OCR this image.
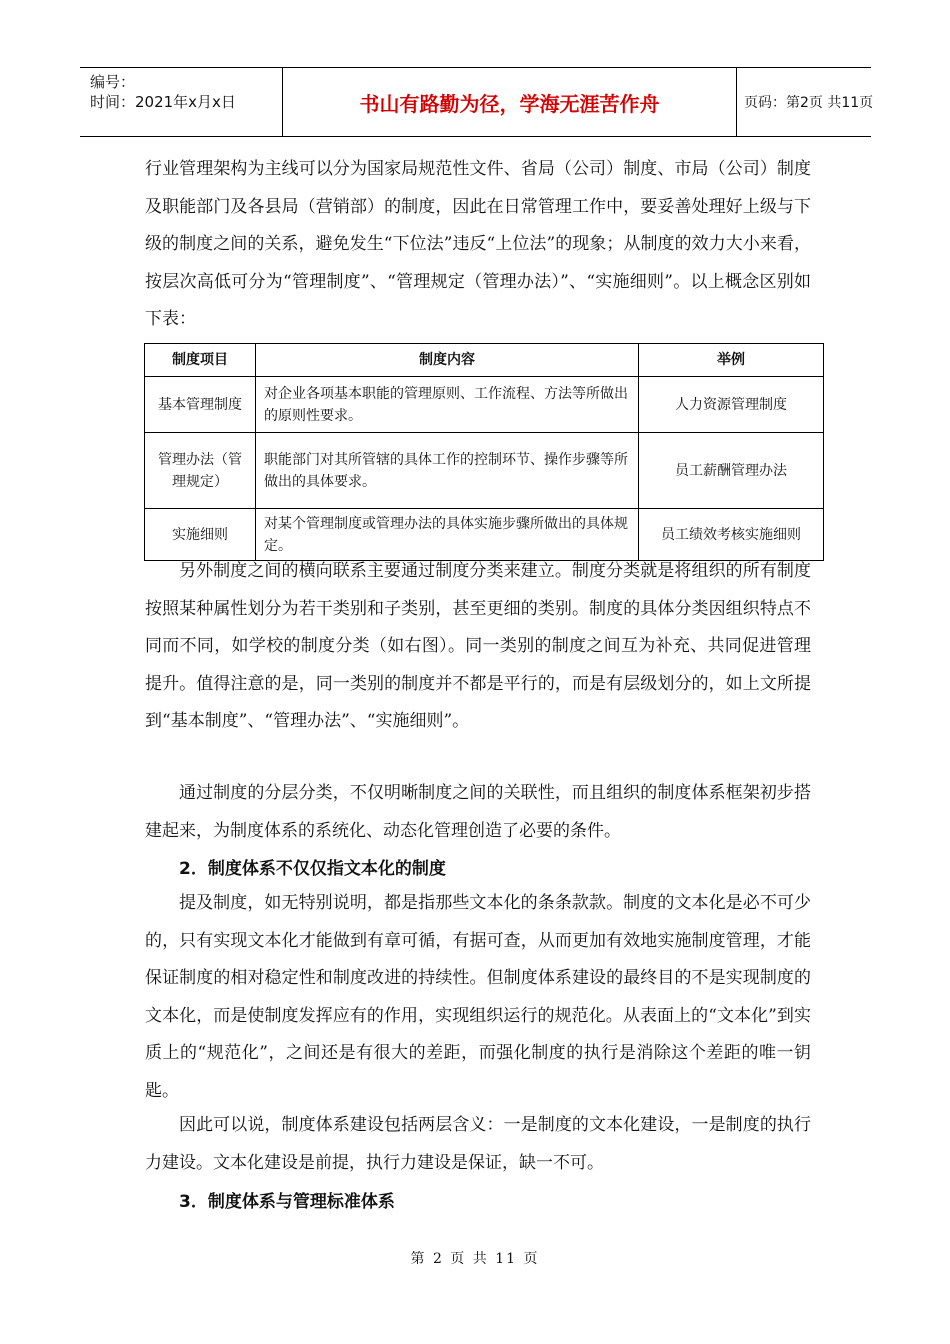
编号：
时间：2021年x月x日	书山有路勤为径，学海无涯苦作舟	页码：第2页 共11页

行业管理架构为主线可以分为国家局规范性文件、省局（公司）制度、市局（公司）制度及职能部门及各县局（营销部）的制度，因此在日常管理工作中，要妥善处理好上级与下级的制度之间的关系，避免发生“下位法”违反“上位法”的现象；从制度的效力大小来看，按层次高低可分为“管理制度”、“管理规定（管理办法）”、“实施细则”。以上概念区别如下表：

制度项目	制度内容	举例
基本管理制度	对企业各项基本职能的管理原则、工作流程、方法等所做出的原则性要求。	人力资源管理制度
管理办法（管理规定）	职能部门对其所管辖的具体工作的控制环节、操作步骤等所做出的具体要求。	员工薪酬管理办法
实施细则	对某个管理制度或管理办法的具体实施步骤所做出的具体规定。	员工绩效考核实施细则

另外制度之间的横向联系主要通过制度分类来建立。制度分类就是将组织的所有制度按照某种属性划分为若干类别和子类别，甚至更细的类别。制度的具体分类因组织特点不同而不同，如学校的制度分类（如右图）。同一类别的制度之间互为补充、共同促进管理提升。值得注意的是，同一类别的制度并不都是平行的，而是有层级划分的，如上文所提到“基本制度”、“管理办法”、“实施细则”。

通过制度的分层分类，不仅明晰制度之间的关联性，而且组织的制度体系框架初步搭建起来，为制度体系的系统化、动态化管理创造了必要的条件。

2．制度体系不仅仅指文本化的制度

提及制度，如无特别说明，都是指那些文本化的条条款款。制度的文本化是必不可少的，只有实现文本化才能做到有章可循，有据可查，从而更加有效地实施制度管理，才能保证制度的相对稳定性和制度改进的持续性。但制度体系建设的最终目的不是实现制度的文本化，而是使制度发挥应有的作用，实现组织运行的规范化。从表面上的“文本化”到实质上的“规范化”，之间还是有很大的差距，而强化制度的执行是消除这个差距的唯一钥匙。

因此可以说，制度体系建设包括两层含义：一是制度的文本化建设，一是制度的执行力建设。文本化建设是前提，执行力建设是保证，缺一不可。

3．制度体系与管理标准体系

第 2 页 共 11 页
